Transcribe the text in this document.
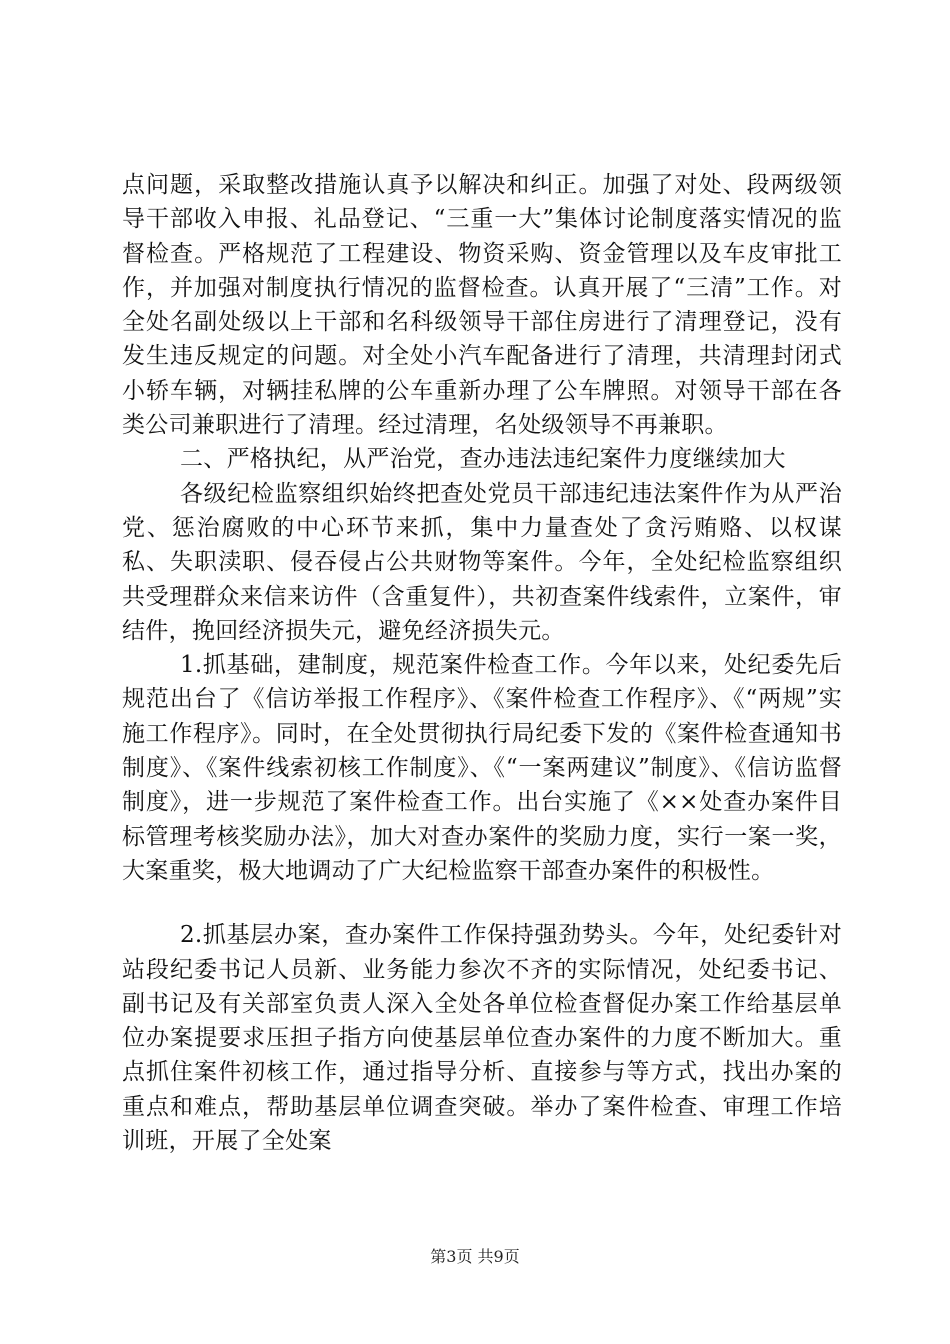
点问题，采取整改措施认真予以解决和纠正。加强了对处、段两级领导干部收入申报、礼品登记、“三重一大”集体讨论制度落实情况的监督检查。严格规范了工程建设、物资采购、资金管理以及车皮审批工作，并加强对制度执行情况的监督检查。认真开展了“三清”工作。对全处名副处级以上干部和名科级领导干部住房进行了清理登记，没有发生违反规定的问题。对全处小汽车配备进行了清理，共清理封闭式小轿车辆，对辆挂私牌的公车重新办理了公车牌照。对领导干部在各类公司兼职进行了清理。经过清理，名处级领导不再兼职。

二、严格执纪，从严治党，查办违法违纪案件力度继续加大

各级纪检监察组织始终把查处党员干部违纪违法案件作为从严治党、惩治腐败的中心环节来抓，集中力量查处了贪污贿赂、以权谋私、失职渎职、侵吞侵占公共财物等案件。今年，全处纪检监察组织共受理群众来信来访件（含重复件），共初查案件线索件，立案件，审结件，挽回经济损失元，避免经济损失元。

1.抓基础，建制度，规范案件检查工作。今年以来，处纪委先后规范出台了《信访举报工作程序》、《案件检查工作程序》、《“两规”实施工作程序》。同时，在全处贯彻执行局纪委下发的《案件检查通知书制度》、《案件线索初核工作制度》、《“一案两建议”制度》、《信访监督制度》，进一步规范了案件检查工作。出台实施了《××处查办案件目标管理考核奖励办法》，加大对查办案件的奖励力度，实行一案一奖，大案重奖，极大地调动了广大纪检监察干部查办案件的积极性。

2.抓基层办案，查办案件工作保持强劲势头。今年，处纪委针对站段纪委书记人员新、业务能力参次不齐的实际情况，处纪委书记、副书记及有关部室负责人深入全处各单位检查督促办案工作给基层单位办案提要求压担子指方向使基层单位查办案件的力度不断加大。重点抓住案件初核工作，通过指导分析、直接参与等方式，找出办案的重点和难点，帮助基层单位调查突破。举办了案件检查、审理工作培训班，开展了全处案

第3页 共9页
